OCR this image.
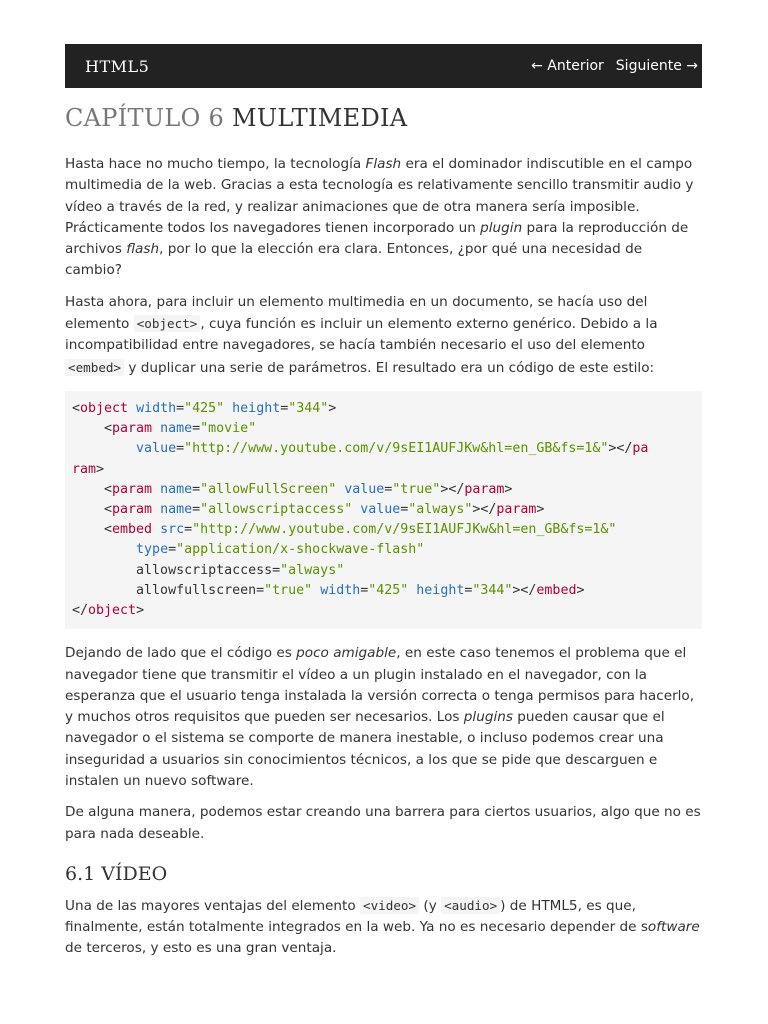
HTML5	← Anterior Siguiente →
CAPÍTULO 6 MULTIMEDIA

Hasta hace no mucho tiempo, la tecnología Flash era el dominador indiscutible en el campo multimedia de la web. Gracias a esta tecnología es relativamente sencillo transmitir audio y vídeo a través de la red, y realizar animaciones que de otra manera sería imposible. Prácticamente todos los navegadores tienen incorporado un plugin para la reproducción de archivos flash, por lo que la elección era clara. Entonces, ¿por qué una necesidad de cambio?

Hasta ahora, para incluir un elemento multimedia en un documento, se hacía uso del elemento <object> , cuya función es incluir un elemento externo genérico. Debido a la incompatibilidad entre navegadores, se hacía también necesario el uso del elemento <embed> y duplicar una serie de parámetros. El resultado era un código de este estilo:

<object width="425" height="344">
<param name="movie"
value="http://www.youtube.com/v/9sEI1AUFJKw&hl=en_GB&fs=1&"></pa
ram>
<param name="allowFullScreen" value="true"></param>
<param name="allowscriptaccess" value="always"></param>
<embed src="http://www.youtube.com/v/9sEI1AUFJKw&hl=en_GB&fs=1&"
type="application/x-shockwave-flash"
allowscriptaccess="always"
allowfullscreen="true" width="425" height="344"></embed>
</object>

Dejando de lado que el código es poco amigable, en este caso tenemos el problema que el navegador tiene que transmitir el vídeo a un plugin instalado en el navegador, con la esperanza que el usuario tenga instalada la versión correcta o tenga permisos para hacerlo, y muchos otros requisitos que pueden ser necesarios. Los plugins pueden causar que el navegador o el sistema se comporte de manera inestable, o incluso podemos crear una inseguridad a usuarios sin conocimientos técnicos, a los que se pide que descarguen e instalen un nuevo software.

De alguna manera, podemos estar creando una barrera para ciertos usuarios, algo que no es para nada deseable.

6.1 VÍDEO

Una de las mayores ventajas del elemento <video> (y <audio> ) de HTML5, es que, finalmente, están totalmente integrados en la web. Ya no es necesario depender de software de terceros, y esto es una gran ventaja.
